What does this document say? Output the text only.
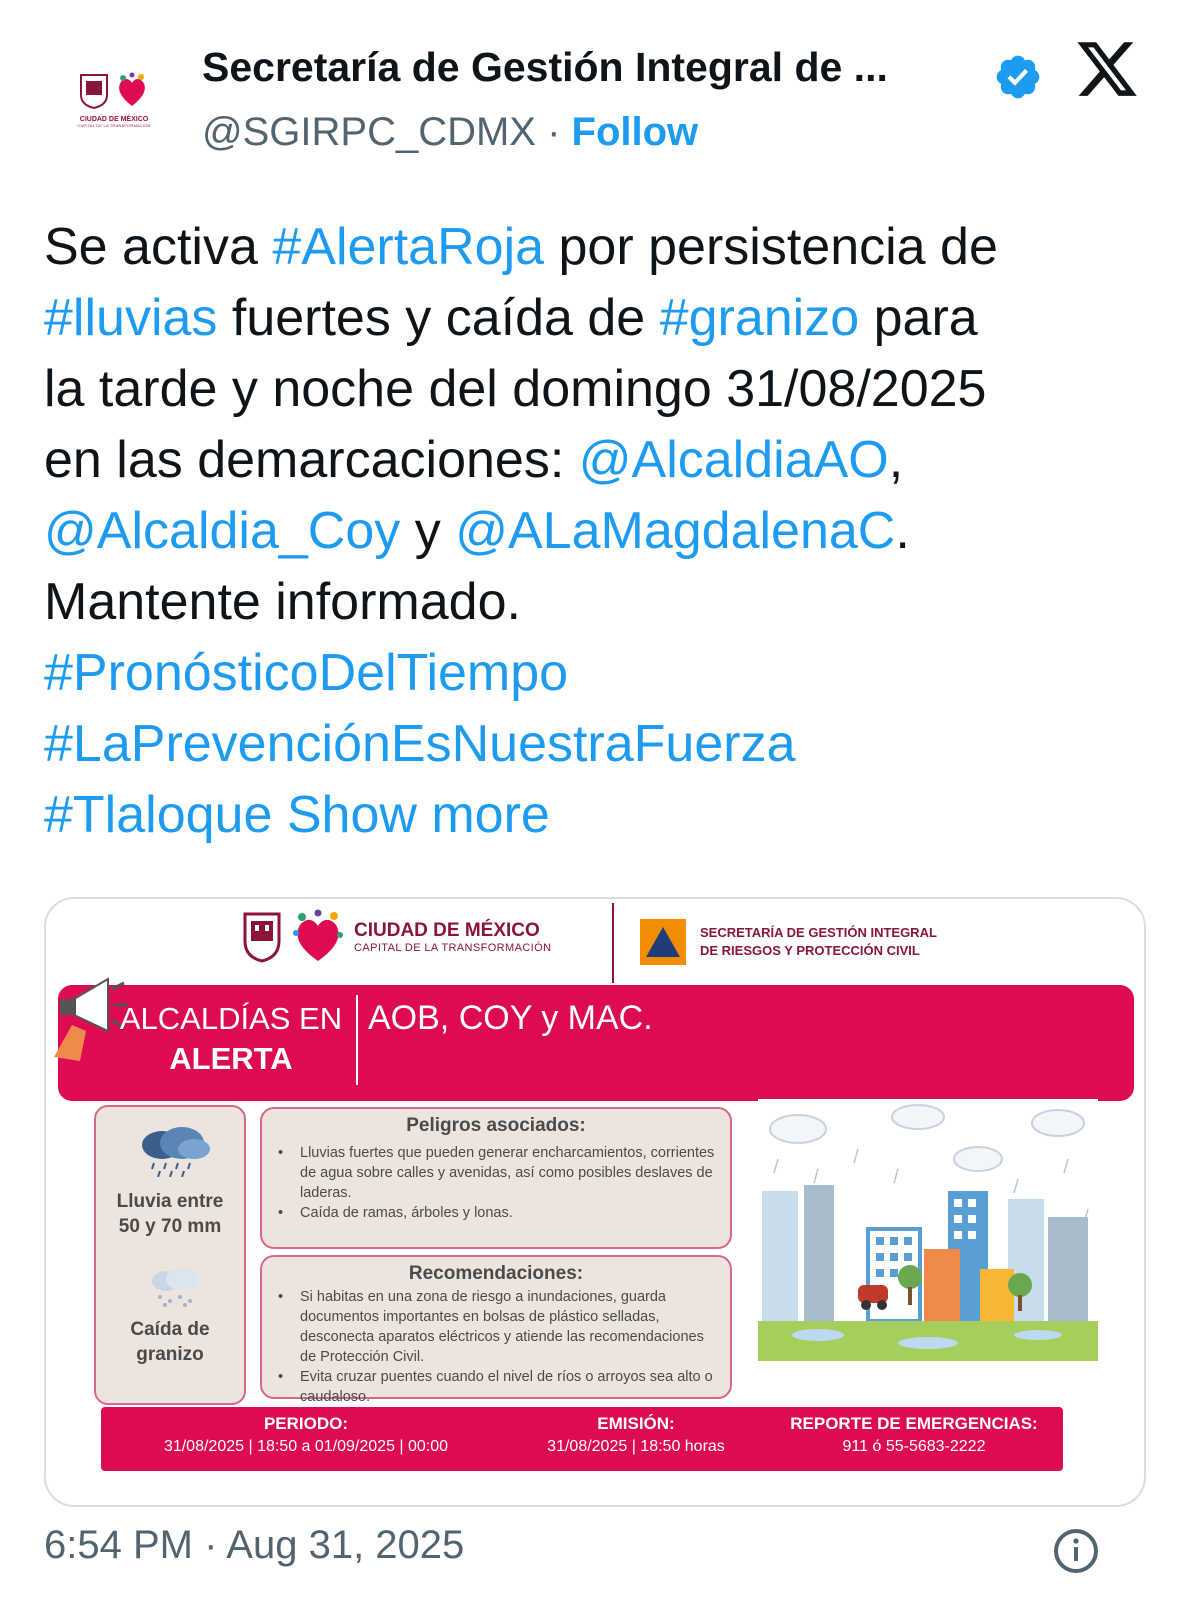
CIUDAD DE MÉXICO
CAPITAL DE LA TRANSFORMACIÓN
Secretaría de Gestión Integral de ...
@SGIRPC_CDMX · Follow
Se activa #AlertaRoja por persistencia de
#lluvias fuertes y caída de #granizo para
la tarde y noche del domingo 31/08/2025
en las demarcaciones: @AlcaldiaAO,
@Alcaldia_Coy y @ALaMagdalenaC.
Mantente informado.
#PronósticoDelTiempo
#LaPrevenciónEsNuestraFuerza
#Tlaloque Show more
CIUDAD DE MÉXICO
CAPITAL DE LA TRANSFORMACIÓN
SECRETARÍA DE GESTIÓN INTEGRAL
DE RIESGOS Y PROTECCIÓN CIVIL
ALCALDÍAS EN
ALERTA
AOB, COY y MAC.
Lluvia entre
50 y 70 mm
Caída de
granizo
Peligros asociados:
• Lluvias fuertes que pueden generar encharcamientos, corrientes de agua sobre calles y avenidas, así como posibles deslaves de laderas.
• Caída de ramas, árboles y lonas.
Recomendaciones:
• Si habitas en una zona de riesgo a inundaciones, guarda documentos importantes en bolsas de plástico selladas, desconecta aparatos eléctricos y atiende las recomendaciones de Protección Civil.
• Evita cruzar puentes cuando el nivel de ríos o arroyos sea alto o caudaloso.
PERIODO:
31/08/2025 | 18:50 a 01/09/2025 | 00:00
EMISIÓN:
31/08/2025 | 18:50 horas
REPORTE DE EMERGENCIAS:
911 ó 55-5683-2222
6:54 PM · Aug 31, 2025
